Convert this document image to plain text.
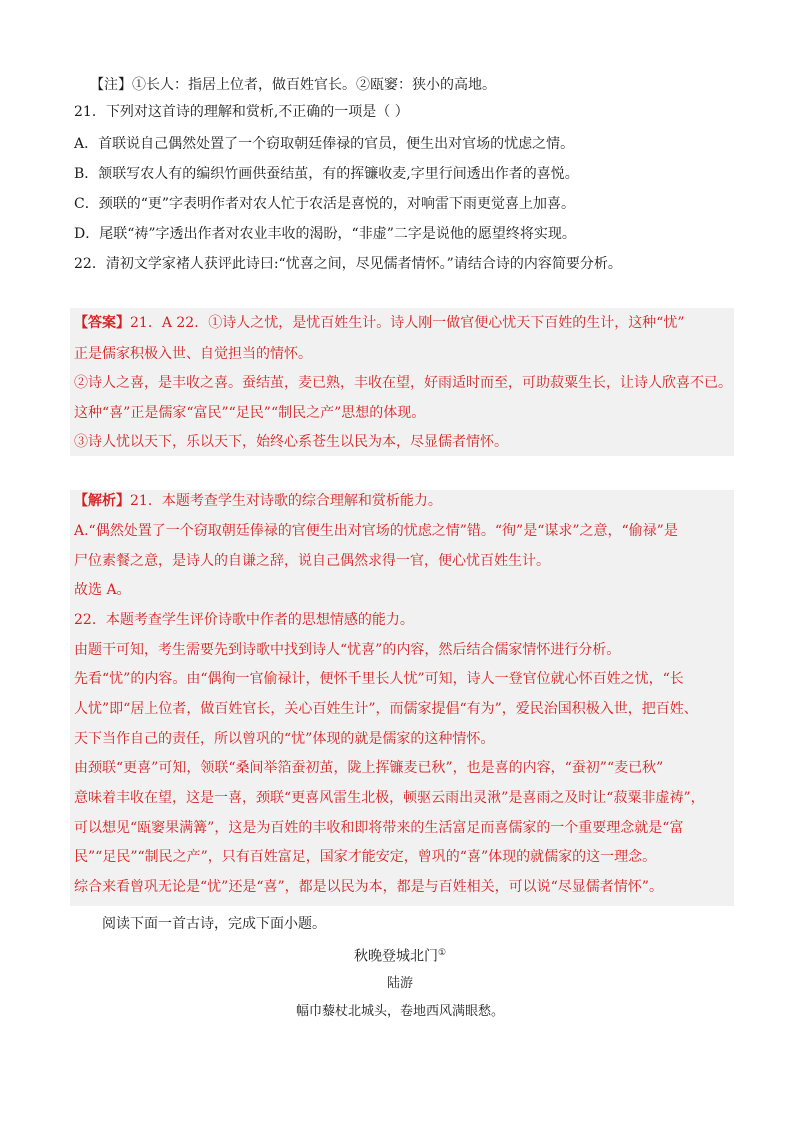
【注】①长人：指居上位者，做百姓官长。②瓯窭：狭小的高地。
21．下列对这首诗的理解和赏析,不正确的一项是（ ）
A．首联说自己偶然处置了一个窃取朝廷俸禄的官员，便生出对官场的忧虑之情。
B．颔联写农人有的编织竹画供蚕结茧，有的挥镰收麦,字里行间透出作者的喜悦。
C．颈联的“更”字表明作者对农人忙于农活是喜悦的，对响雷下雨更觉喜上加喜。
D．尾联“祷”字透出作者对农业丰收的渴盼，“非虚”二字是说他的愿望终将实现。
22．清初文学家褚人获评此诗曰:“忧喜之间，尽见儒者情怀。”请结合诗的内容简要分析。
【答案】21．A 22．①诗人之忧，是忧百姓生计。诗人刚一做官便心忧天下百姓的生计，这种“忧”
正是儒家积极入世、自觉担当的情怀。
②诗人之喜，是丰收之喜。蚕结茧，麦已熟，丰收在望，好雨适时而至，可助菽粟生长，让诗人欣喜不已。
这种“喜”正是儒家“富民”“足民”“制民之产”思想的体现。
③诗人忧以天下，乐以天下，始终心系苍生以民为本，尽显儒者情怀。
【解析】21．本题考查学生对诗歌的综合理解和赏析能力。
A.“偶然处置了一个窃取朝廷俸禄的官便生出对官场的忧虑之情”错。“徇”是“谋求”之意，“偷禄”是
尸位素餐之意，是诗人的自谦之辞，说自己偶然求得一官，便心忧百姓生计。
故选 A。
22．本题考查学生评价诗歌中作者的思想情感的能力。
由题干可知，考生需要先到诗歌中找到诗人“忧喜”的内容，然后结合儒家情怀进行分析。
先看“忧”的内容。由“偶徇一官偷禄计，便怀千里长人忧”可知，诗人一登官位就心怀百姓之忧，“长
人忧”即“居上位者，做百姓官长，关心百姓生计”，而儒家提倡“有为”，爱民治国积极入世，把百姓、
天下当作自己的责任，所以曾巩的“忧”体现的就是儒家的这种情怀。
由颈联“更喜”可知，领联“桑间举箔蚕初茧，陇上挥镰麦已秋”，也是喜的内容，“蚕初”“麦已秋”
意味着丰收在望，这是一喜，颈联“更喜风雷生北极，顿驱云雨出灵湫”是喜雨之及时让“菽粟非虚祷”，
可以想见“瓯窭果满篝”，这是为百姓的丰收和即将带来的生活富足而喜儒家的一个重要理念就是“富
民”“足民”“制民之产”，只有百姓富足，国家才能安定，曾巩的“喜”体现的就儒家的这一理念。
综合来看曾巩无论是“忧”还是“喜”，都是以民为本，都是与百姓相关，可以说“尽显儒者情怀”。
阅读下面一首古诗，完成下面小题。
秋晚登城北门①
陆游
幅巾藜杖北城头，卷地西风满眼愁。
